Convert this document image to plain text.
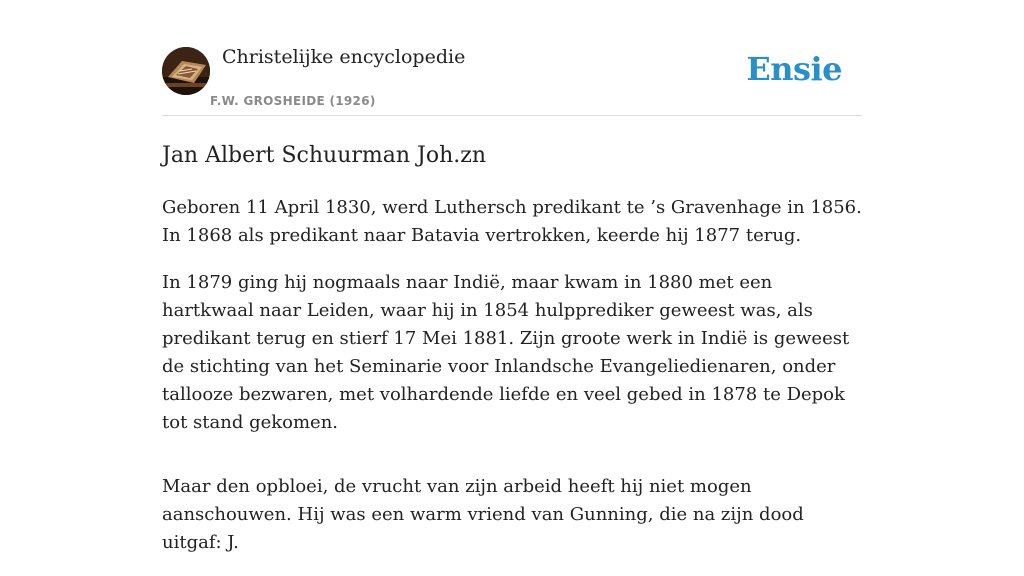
Christelijke encyclopedie
F.W. GROSHEIDE (1926)
Ensie
Jan Albert Schuurman Joh.zn

Geboren 11 April 1830, werd Luthersch predikant te ’s Gravenhage in 1856. In 1868 als predikant naar Batavia vertrokken, keerde hij 1877 terug.

In 1879 ging hij nogmaals naar Indië, maar kwam in 1880 met een hartkwaal naar Leiden, waar hij in 1854 hulpprediker geweest was, als predikant terug en stierf 17 Mei 1881. Zijn groote werk in Indië is geweest de stichting van het Seminarie voor Inlandsche Evangeliedienaren, onder tallooze bezwaren, met volhardende liefde en veel gebed in 1878 te Depok tot stand gekomen.

Maar den opbloei, de vrucht van zijn arbeid heeft hij niet mogen aanschouwen. Hij was een warm vriend van Gunning, die na zijn dood uitgaf: J.
